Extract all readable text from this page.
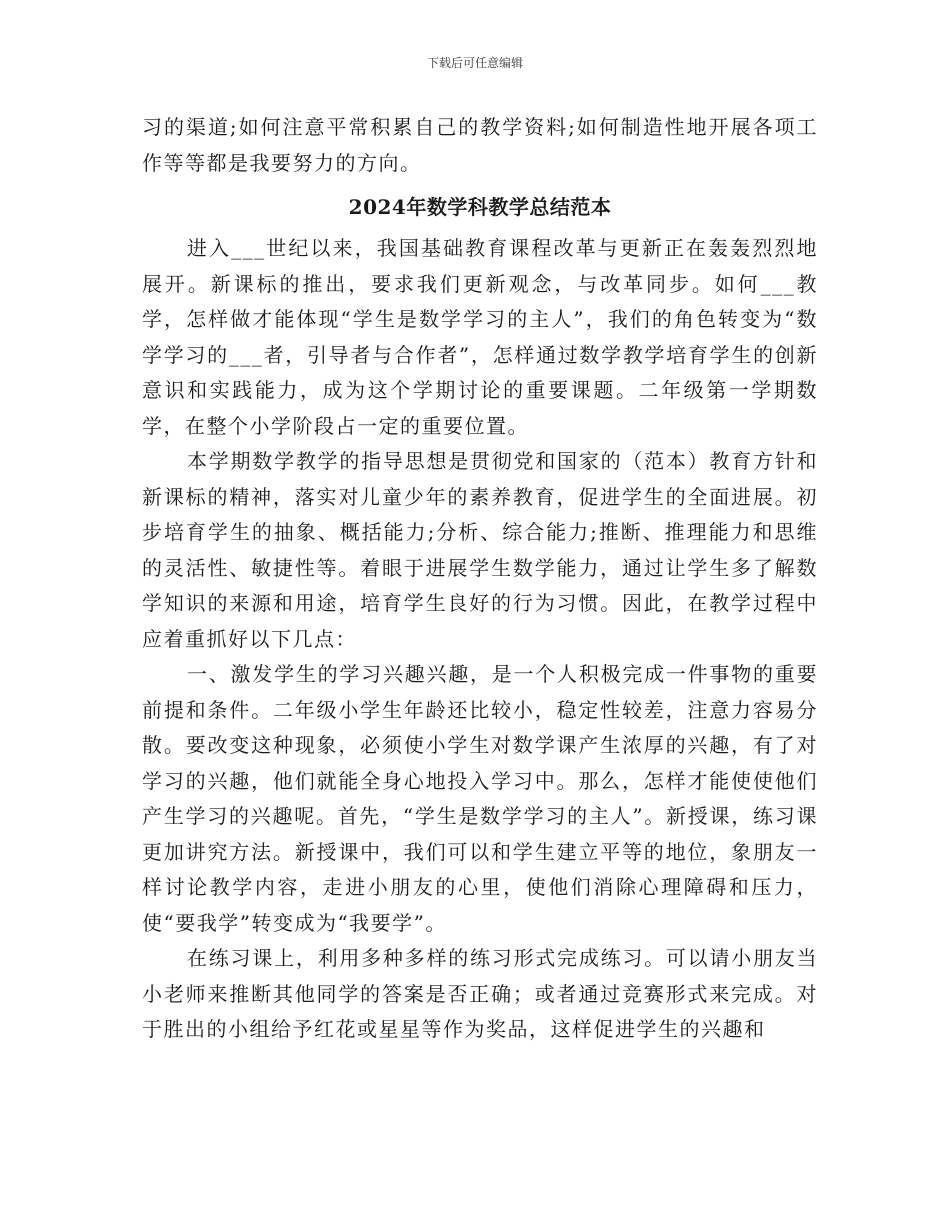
下载后可任意编辑

习的渠道;如何注意平常积累自己的教学资料;如何制造性地开展各项工作等等都是我要努力的方向。

2024年数学科教学总结范本

进入___世纪以来，我国基础教育课程改革与更新正在轰轰烈烈地展开。新课标的推出，要求我们更新观念，与改革同步。如何___教学，怎样做才能体现“学生是数学学习的主人”，我们的角色转变为“数学学习的___者，引导者与合作者”，怎样通过数学教学培育学生的创新意识和实践能力，成为这个学期讨论的重要课题。二年级第一学期数学，在整个小学阶段占一定的重要位置。

本学期数学教学的指导思想是贯彻党和国家的（范本）教育方针和新课标的精神，落实对儿童少年的素养教育，促进学生的全面进展。初步培育学生的抽象、概括能力;分析、综合能力;推断、推理能力和思维的灵活性、敏捷性等。着眼于进展学生数学能力，通过让学生多了解数学知识的来源和用途，培育学生良好的行为习惯。因此，在教学过程中应着重抓好以下几点：

一、激发学生的学习兴趣兴趣，是一个人积极完成一件事物的重要前提和条件。二年级小学生年龄还比较小，稳定性较差，注意力容易分散。要改变这种现象，必须使小学生对数学课产生浓厚的兴趣，有了对学习的兴趣，他们就能全身心地投入学习中。那么，怎样才能使使他们产生学习的兴趣呢。首先，“学生是数学学习的主人”。新授课，练习课更加讲究方法。新授课中，我们可以和学生建立平等的地位，象朋友一样讨论教学内容，走进小朋友的心里，使他们消除心理障碍和压力，使“要我学”转变成为“我要学”。

在练习课上，利用多种多样的练习形式完成练习。可以请小朋友当小老师来推断其他同学的答案是否正确；或者通过竞赛形式来完成。对于胜出的小组给予红花或星星等作为奖品，这样促进学生的兴趣和
